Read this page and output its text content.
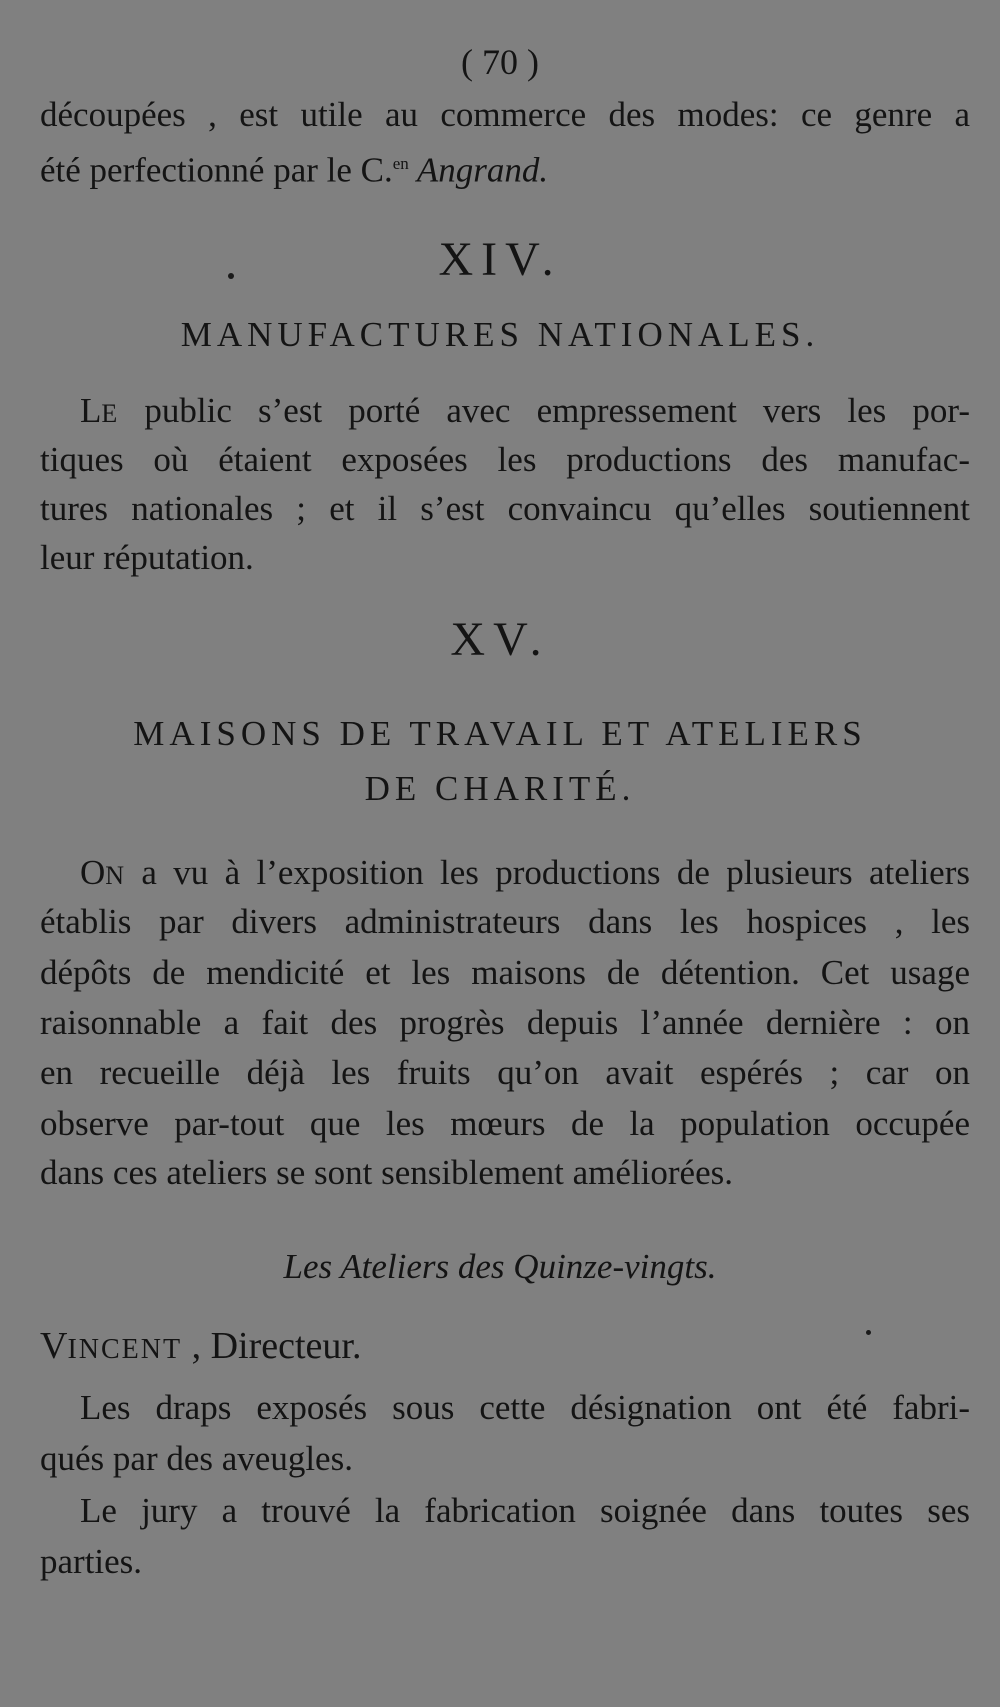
( 70 )
découpées , est utile au commerce des modes: ce genre a
été perfectionné par le C.$^{en}$ Angrand.
XIV.
MANUFACTURES NATIONALES.
LE public s’est porté avec empressement vers les por-
tiques où étaient exposées les productions des manufac-
tures nationales ; et il s’est convaincu qu’elles soutiennent
leur réputation.
XV.
MAISONS DE TRAVAIL ET ATELIERS
DE CHARITÉ.
ON a vu à l’exposition les productions de plusieurs ateliers
établis par divers administrateurs dans les hospices , les
dépôts de mendicité et les maisons de détention. Cet usage
raisonnable a fait des progrès depuis l’année dernière : on
en recueille déjà les fruits qu’on avait espérés ; car on
observe par-tout que les mœurs de la population occupée
dans ces ateliers se sont sensiblement améliorées.
Les Ateliers des Quinze-vingts.
VINCENT , Directeur.
Les draps exposés sous cette désignation ont été fabri-
qués par des aveugles.
Le jury a trouvé la fabrication soignée dans toutes ses
parties.
